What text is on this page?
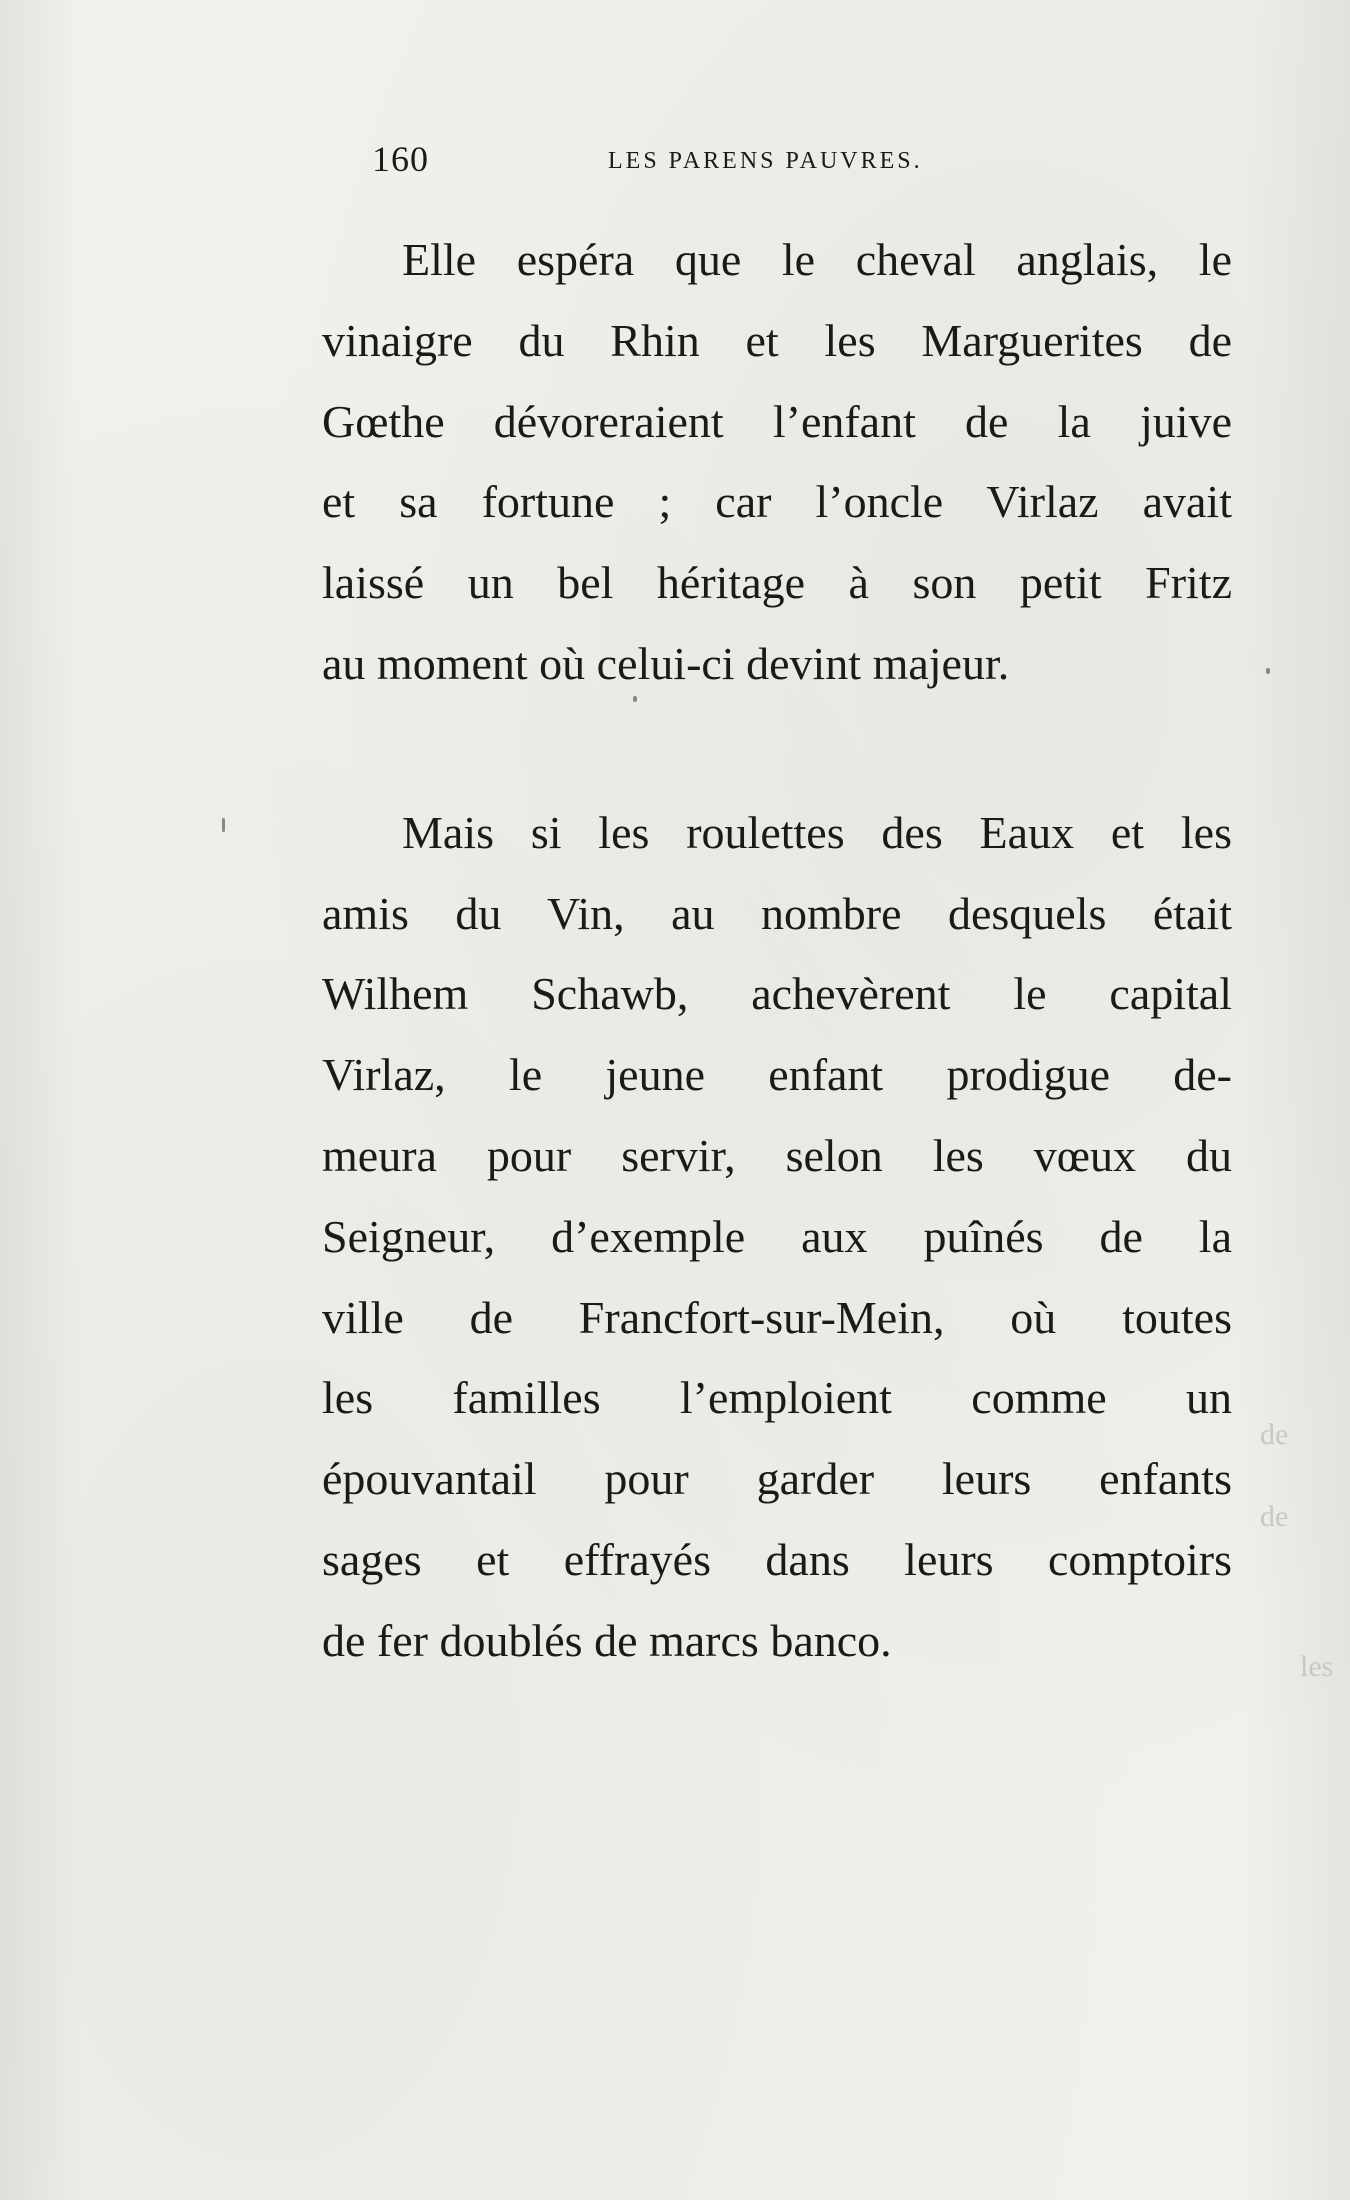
160	LES PARENS PAUVRES.
Elle espéra que le cheval anglais, le
vinaigre du Rhin et les Marguerites de
Gœthe dévoreraient l’enfant de la juive
et sa fortune ; car l’oncle Virlaz avait
laissé un bel héritage à son petit Fritz
au moment où celui-ci devint majeur.
Mais si les roulettes des Eaux et les
amis du Vin, au nombre desquels était
Wilhem Schawb, achevèrent le capital
Virlaz, le jeune enfant prodigue de-
meura pour servir, selon les vœux du
Seigneur, d’exemple aux puînés de la
ville de Francfort-sur-Mein, où toutes
les familles l’emploient comme un
épouvantail pour garder leurs enfants
sages et effrayés dans leurs comptoirs
de fer doublés de marcs banco.
de
de
les
